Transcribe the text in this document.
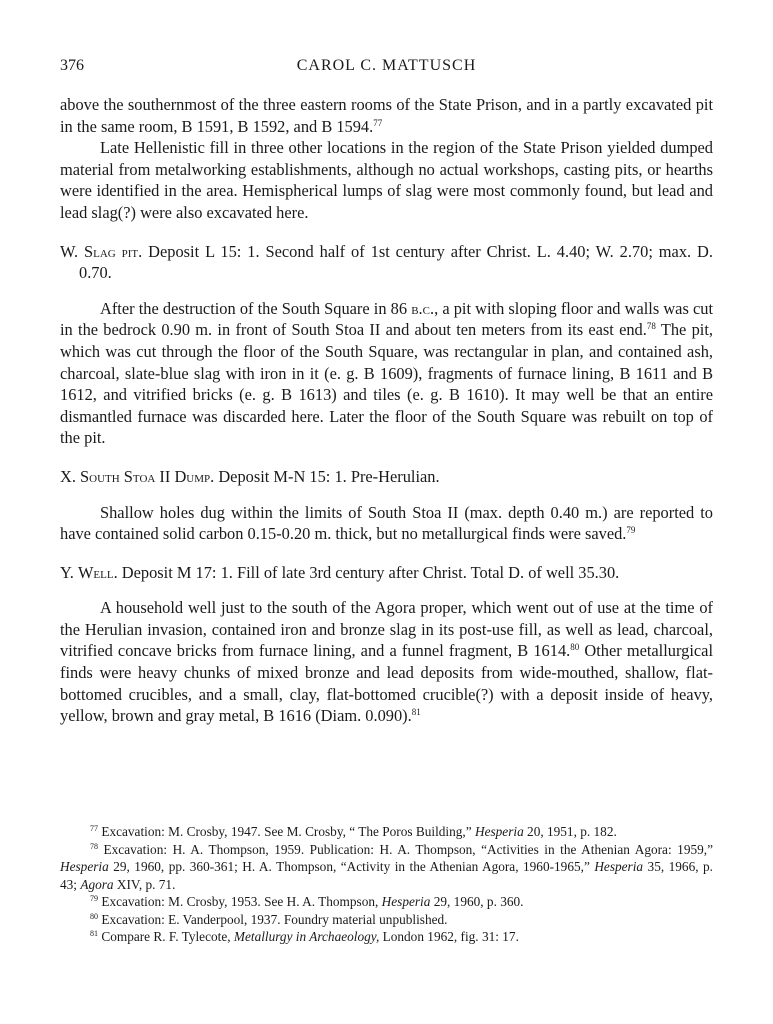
376	CAROL C. MATTUSCH

above the southernmost of the three eastern rooms of the State Prison, and in a partly excavated pit in the same room, B 1591, B 1592, and B 1594.77

Late Hellenistic fill in three other locations in the region of the State Prison yielded dumped material from metalworking establishments, although no actual workshops, casting pits, or hearths were identified in the area. Hemispherical lumps of slag were most commonly found, but lead and lead slag(?) were also excavated here.

W. Slag pit. Deposit L 15: 1. Second half of 1st century after Christ. L. 4.40; W. 2.70; max. D. 0.70.

After the destruction of the South Square in 86 b.c., a pit with sloping floor and walls was cut in the bedrock 0.90 m. in front of South Stoa II and about ten meters from its east end.$^{78}$ The pit, which was cut through the floor of the South Square, was rectangular in plan, and contained ash, charcoal, slate-blue slag with iron in it (e. g. B 1609), fragments of furnace lining, B 1611 and B 1612, and vitrified bricks (e. g. B 1613) and tiles (e. g. B 1610). It may well be that an entire dismantled furnace was discarded here. Later the floor of the South Square was rebuilt on top of the pit.

X. South Stoa II Dump. Deposit M-N 15: 1. Pre-Herulian.

Shallow holes dug within the limits of South Stoa II (max. depth 0.40 m.) are reported to have contained solid carbon 0.15-0.20 m. thick, but no metallurgical finds were saved.$^{79}$

Y. Well. Deposit M 17: 1. Fill of late 3rd century after Christ. Total D. of well 35.30.

A household well just to the south of the Agora proper, which went out of use at the time of the Herulian invasion, contained iron and bronze slag in its post-use fill, as well as lead, charcoal, vitrified concave bricks from furnace lining, and a funnel fragment, B 1614.80 Other metallurgical finds were heavy chunks of mixed bronze and lead deposits from wide-mouthed, shallow, flat-bottomed crucibles, and a small, clay, flat-bottomed crucible(?) with a deposit inside of heavy, yellow, brown and gray metal, B 1616 (Diam. 0.090).$^{81}$

$^{77}$ Excavation: M. Crosby, 1947. See M. Crosby, “ The Poros Building,” Hesperia 20, 1951, p. 182.

$^{78}$ Excavation: H. A. Thompson, 1959. Publication: H. A. Thompson, “Activities in the Athenian Agora: 1959,” Hesperia 29, 1960, pp. 360-361; H. A. Thompson, “Activity in the Athenian Agora, 1960-1965,” Hesperia 35, 1966, p. 43; Agora XIV, p. 71.

$^{79}$ Excavation: M. Crosby, 1953. See H. A. Thompson, Hesperia 29, 1960, p. 360.

$^{80}$ Excavation: E. Vanderpool, 1937. Foundry material unpublished.

$^{81}$ Compare R. F. Tylecote, Metallurgy in Archaeology, London 1962, fig. 31: 17.
